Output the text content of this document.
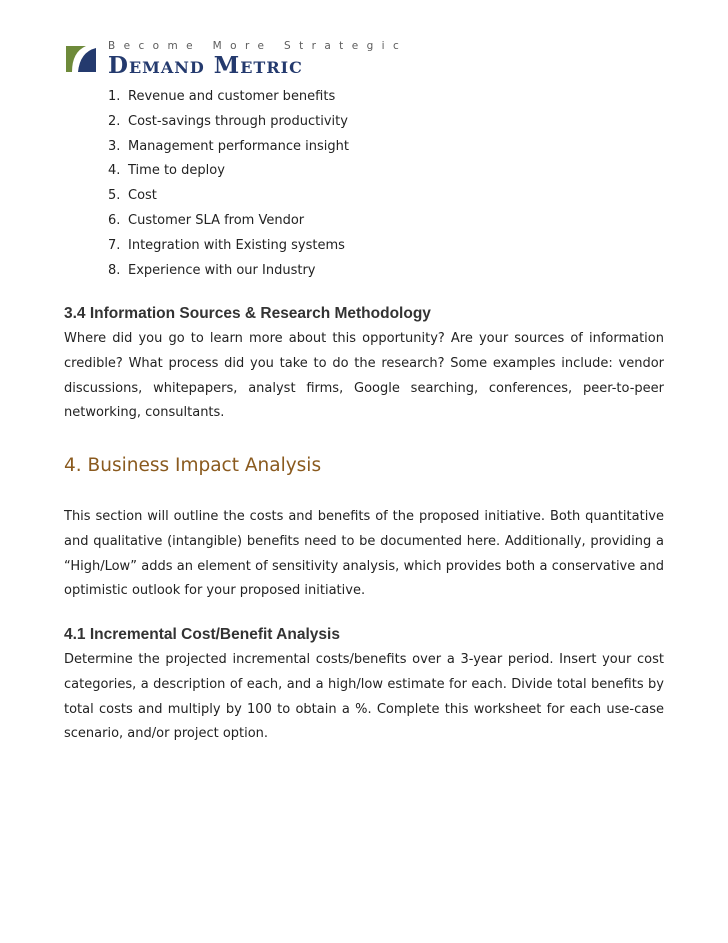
Become More Strategic
Demand Metric
1. Revenue and customer benefits
2. Cost-savings through productivity
3. Management performance insight
4. Time to deploy
5. Cost
6. Customer SLA from Vendor
7. Integration with Existing systems
8. Experience with our Industry
3.4 Information Sources & Research Methodology

Where did you go to learn more about this opportunity? Are your sources of information credible? What process did you take to do the research? Some examples include: vendor discussions, whitepapers, analyst firms, Google searching, conferences, peer-to-peer networking, consultants.

4. Business Impact Analysis

This section will outline the costs and benefits of the proposed initiative. Both quantitative and qualitative (intangible) benefits need to be documented here. Additionally, providing a “High/Low” adds an element of sensitivity analysis, which provides both a conservative and optimistic outlook for your proposed initiative.

4.1 Incremental Cost/Benefit Analysis

Determine the projected incremental costs/benefits over a 3-year period. Insert your cost categories, a description of each, and a high/low estimate for each. Divide total benefits by total costs and multiply by 100 to obtain a %. Complete this worksheet for each use-case scenario, and/or project option.
